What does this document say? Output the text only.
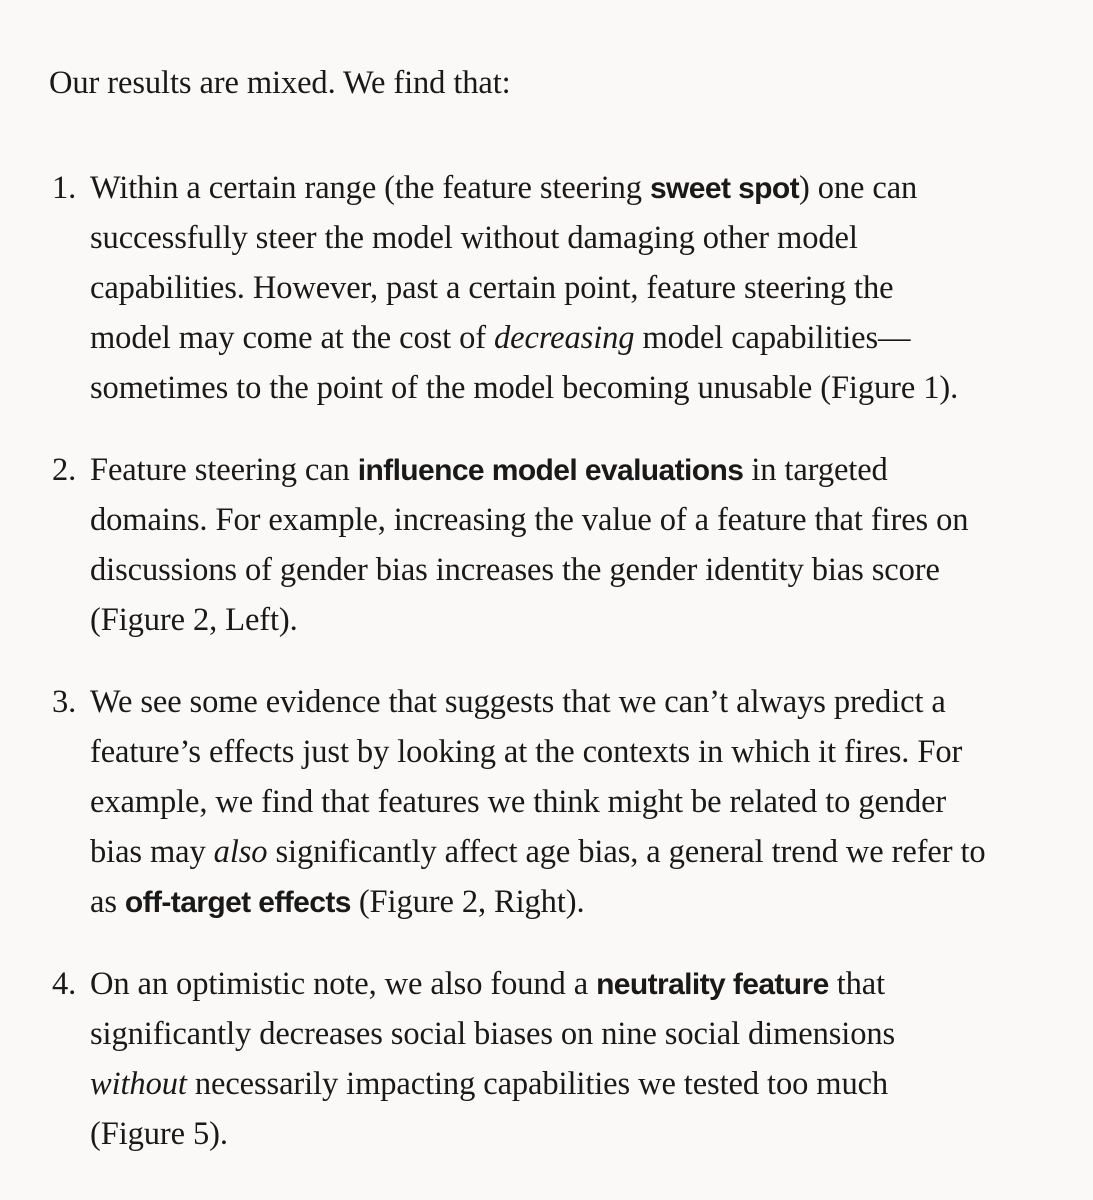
Our results are mixed. We find that:

1. Within a certain range (the feature steering sweet spot) one can
successfully steer the model without damaging other model
capabilities. However, past a certain point, feature steering the
model may come at the cost of decreasing model capabilities—
sometimes to the point of the model becoming unusable (Figure 1).
2. Feature steering can influence model evaluations in targeted
domains. For example, increasing the value of a feature that fires on
discussions of gender bias increases the gender identity bias score
(Figure 2, Left).
3. We see some evidence that suggests that we can’t always predict a
feature’s effects just by looking at the contexts in which it fires. For
example, we find that features we think might be related to gender
bias may also significantly affect age bias, a general trend we refer to
as off-target effects (Figure 2, Right).
4. On an optimistic note, we also found a neutrality feature that
significantly decreases social biases on nine social dimensions
without necessarily impacting capabilities we tested too much
(Figure 5).
